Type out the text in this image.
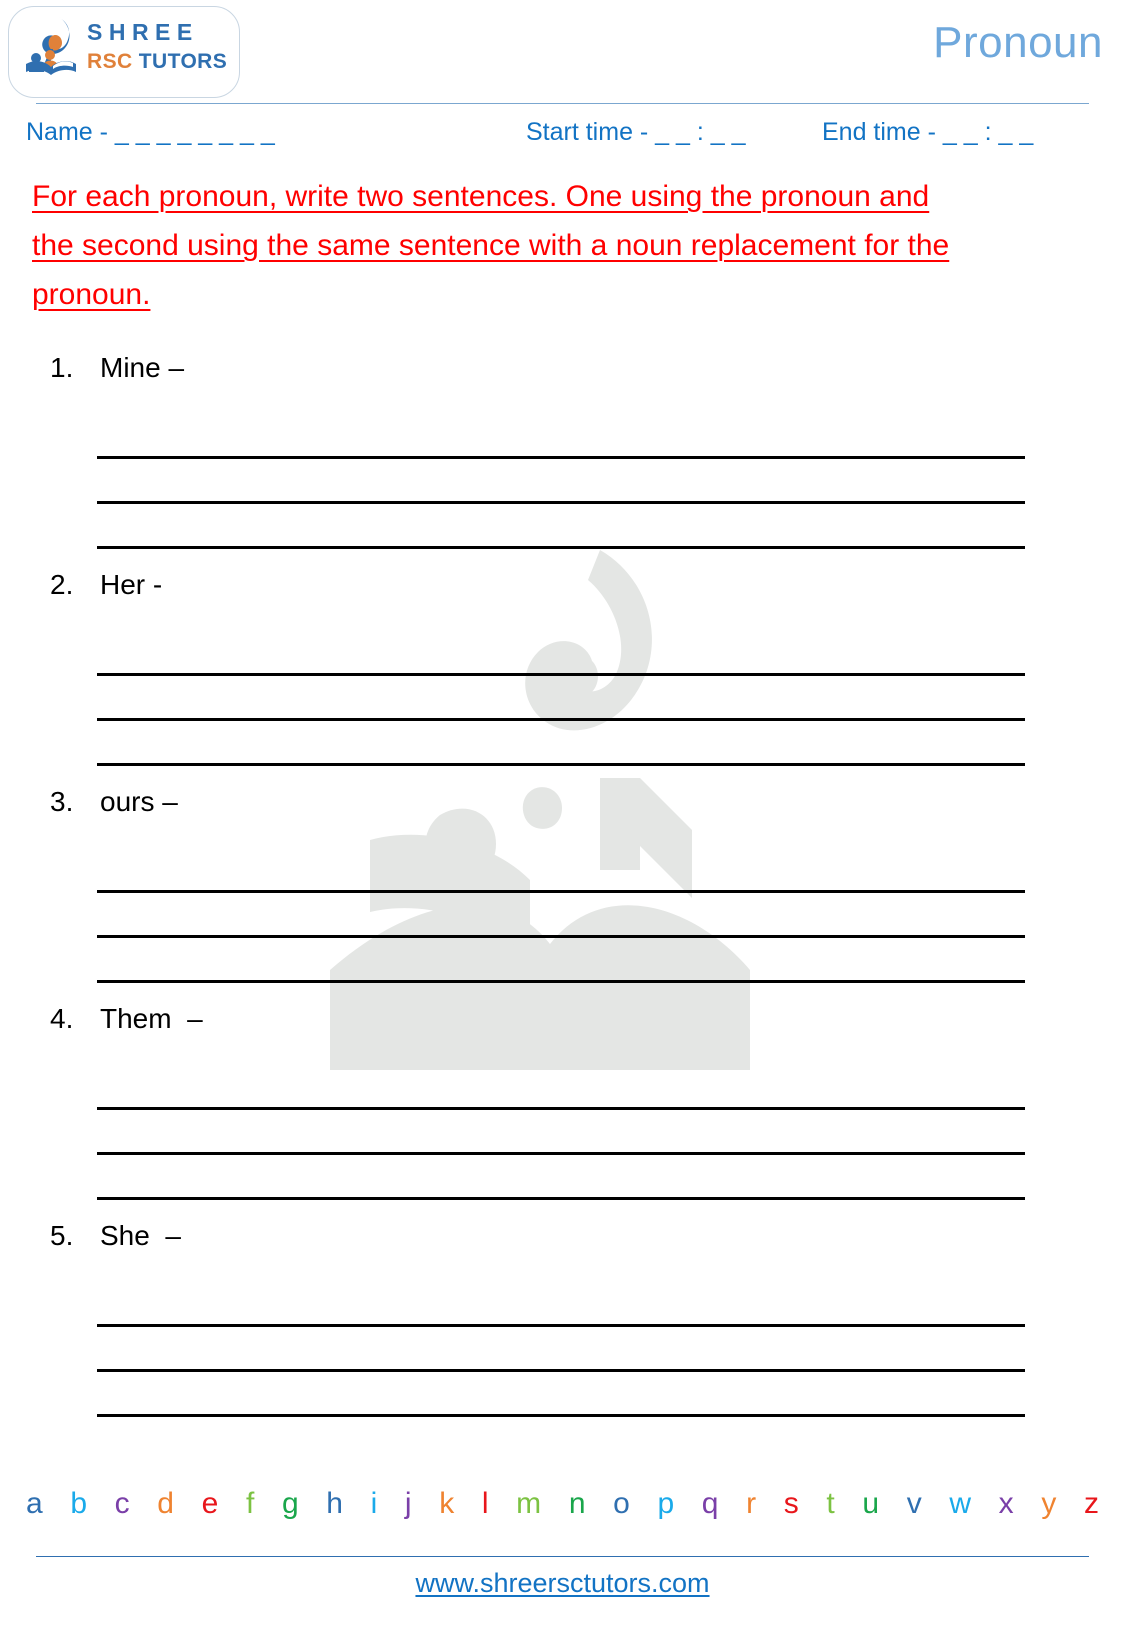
SHREE
RSC TUTORS	Pronoun
Name - _ _ _ _ _ _ _ _	Start time - _ _ : _ _	End time - _ _ : _ _
For each pronoun, write two sentences. One using the pronoun and the second using the same sentence with a noun replacement for the pronoun.
1. Mine –
2. Her -
3. ours –
4. Them  –
5. She  –
a b c d e f g h i j k l m n o p q r s t u v w x y z
www.shreersctutors.com
